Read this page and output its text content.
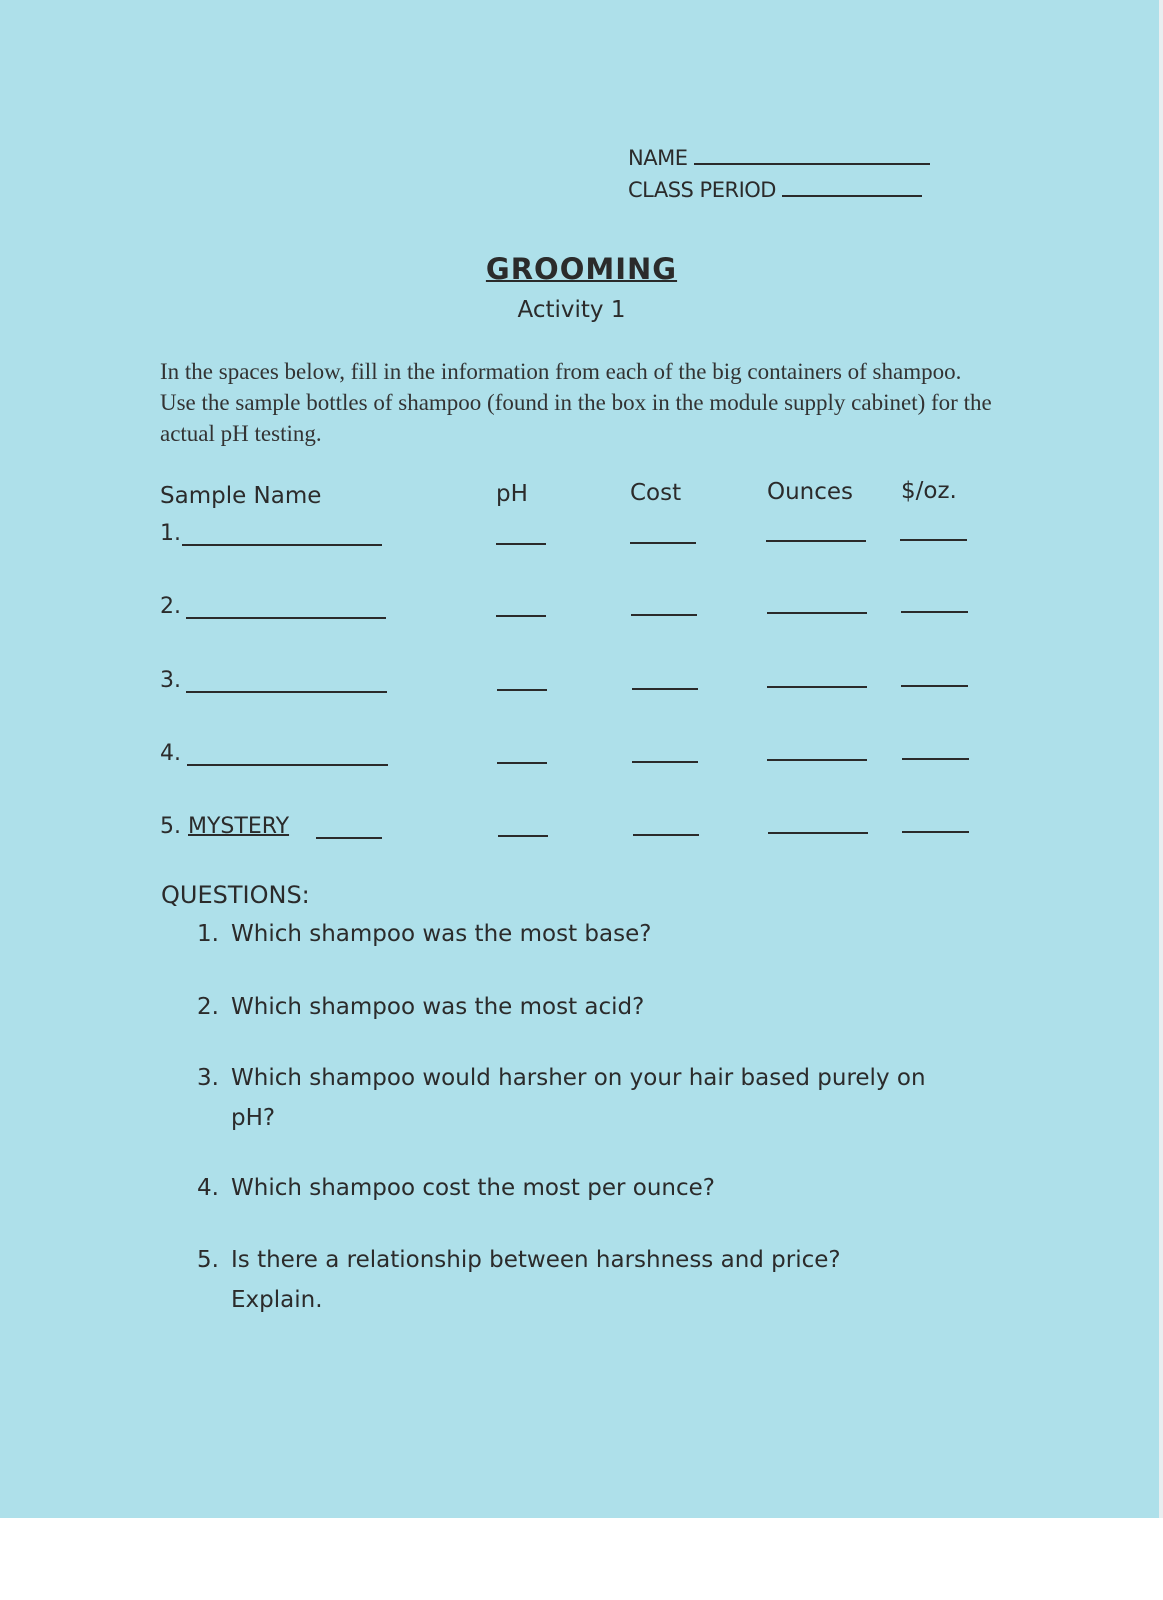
NAME
CLASS PERIOD
GROOMING
Activity 1
In the spaces below, fill in the information from each of the big containers of shampoo. Use the sample bottles of shampoo (found in the box in the module supply cabinet) for the actual pH testing.
Sample Name	pH	Cost	Ounces $/oz.
1.
2.
3.
4.
5. MYSTERY
QUESTIONS:
1. Which shampoo was the most base?
2. Which shampoo was the most acid?
3. Which shampoo would harsher on your hair based purely on pH?
4. Which shampoo cost the most per ounce?
5. Is there a relationship between harshness and price? Explain.
